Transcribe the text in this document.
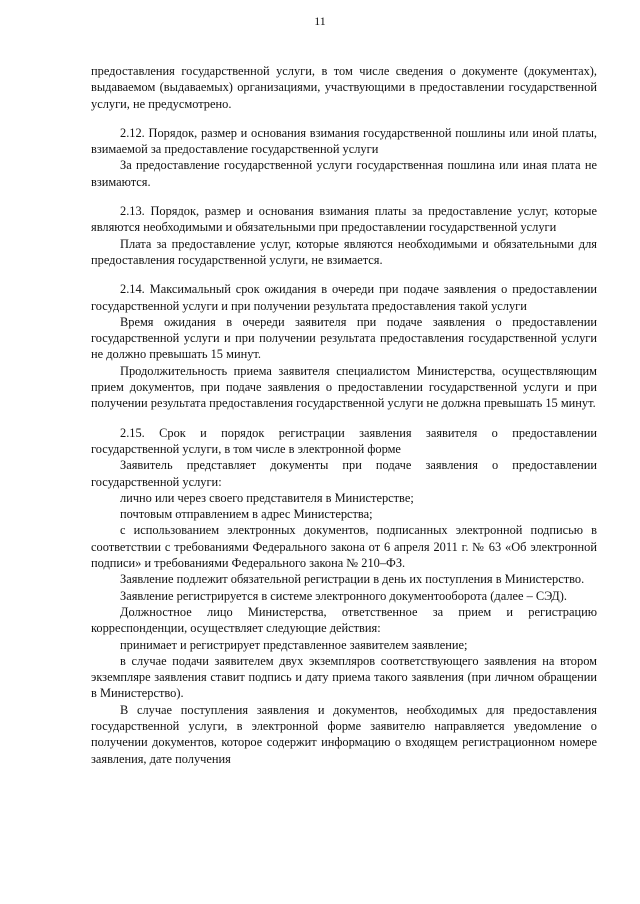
11

предоставления государственной услуги, в том числе сведения о документе (документах), выдаваемом (выдаваемых) организациями, участвующими в предоставлении государственной услуги, не предусмотрено.

2.12. Порядок, размер и основания взимания государственной пошлины или иной платы, взимаемой за предоставление государственной услуги

За предоставление государственной услуги государственная пошлина или иная плата не взимаются.

2.13. Порядок, размер и основания взимания платы за предоставление услуг, которые являются необходимыми и обязательными при предоставлении государственной услуги

Плата за предоставление услуг, которые являются необходимыми и обязательными для предоставления государственной услуги, не взимается.

2.14. Максимальный срок ожидания в очереди при подаче заявления о предоставлении государственной услуги и при получении результата предоставления такой услуги

Время ожидания в очереди заявителя при подаче заявления о предоставлении государственной услуги и при получении результата предоставления государственной услуги не должно превышать 15 минут.

Продолжительность приема заявителя специалистом Министерства, осуществляющим прием документов, при подаче заявления о предоставлении государственной услуги и при получении результата предоставления государственной услуги не должна превышать 15 минут.

2.15. Срок и порядок регистрации заявления заявителя о предоставлении государственной услуги, в том числе в электронной форме

Заявитель представляет документы при подаче заявления о предоставлении государственной услуги:

лично или через своего представителя в Министерстве;

почтовым отправлением в адрес Министерства;

с использованием электронных документов, подписанных электронной подписью в соответствии с требованиями Федерального закона от 6 апреля 2011 г. № 63 «Об электронной подписи» и требованиями Федерального закона № 210–ФЗ.

Заявление подлежит обязательной регистрации в день их поступления в Министерство.

Заявление регистрируется в системе электронного документооборота (далее – СЭД).

Должностное лицо Министерства, ответственное за прием и регистрацию корреспонденции, осуществляет следующие действия:

принимает и регистрирует представленное заявителем заявление;

в случае подачи заявителем двух экземпляров соответствующего заявления на втором экземпляре заявления ставит подпись и дату приема такого заявления (при личном обращении в Министерство).

В случае поступления заявления и документов, необходимых для предоставления государственной услуги, в электронной форме заявителю направляется уведомление о получении документов, которое содержит информацию о входящем регистрационном номере заявления, дате получения
